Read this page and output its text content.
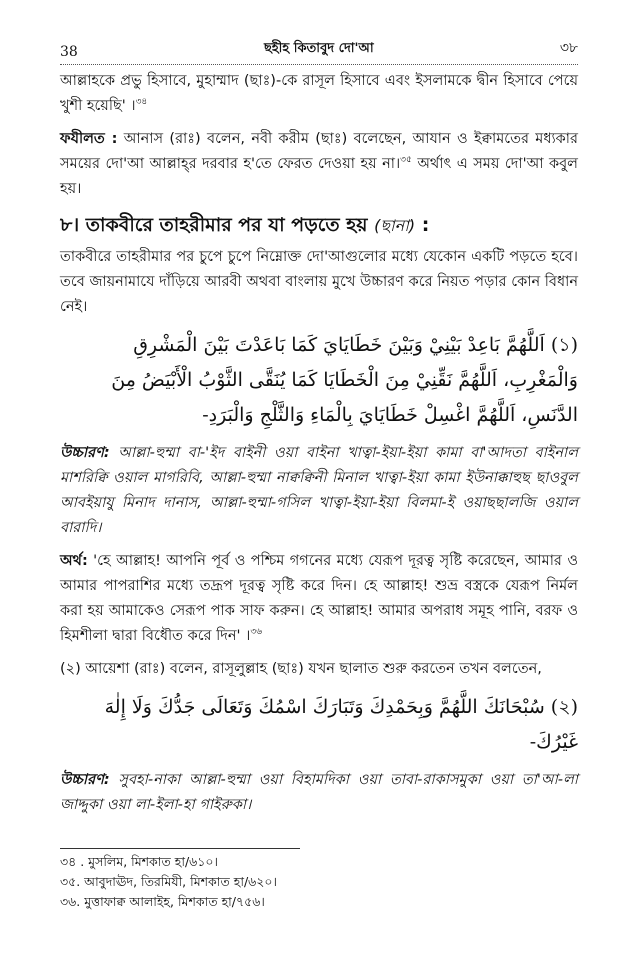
38	ছহীহ কিতাবুদ দো'আ	৩৮

আল্লাহকে প্রভু হিসাবে, মুহাম্মাদ (ছাঃ)-কে রাসূল হিসাবে এবং ইসলামকে দ্বীন হিসাবে পেয়ে খুশী হয়েছি' ।$^{৩৪}$

ফযীলত : আনাস (রাঃ) বলেন, নবী করীম (ছাঃ) বলেছেন, আযান ও ইক্বামতের মধ্যকার সময়ের দো'আ আল্লাহ্‌র দরবার হ'তে ফেরত দেওয়া হয় না।$^{৩৫}$ অর্থাৎ এ সময় দো'আ কবুল হয়।

৮। তাকবীরে তাহরীমার পর যা পড়তে হয় (ছানা) :

তাকবীরে তাহরীমার পর চুপে চুপে নিম্নোক্ত দো'আগুলোর মধ্যে যেকোন একটি পড়তে হবে। তবে জায়নামাযে দাঁড়িয়ে আরবী অথবা বাংলায় মুখে উচ্চারণ করে নিয়ত পড়ার কোন বিধান নেই।

(১) اَللَّهُمَّ بَاعِدْ بَيْنِيْ وَبَيْنَ خَطَايَايَ كَمَا بَاعَدْتَ بَيْنَ الْمَشْرِقِ وَالْمَغْرِبِ، اَللَّهُمَّ نَقِّنِيْ مِنَ الْخَطَايَا كَمَا يُنَقَّى الثَّوْبُ الْأَبْيَضُ مِنَ الدَّنَسِ، اَللَّهُمَّ اغْسِلْ خَطَايَايَ بِالْمَاءِ وَالثَّلْجِ وَالْبَرَدِ-

উচ্চারণ: আল্লা-হুম্মা বা-'ইদ বাইনী ওয়া বাইনা খাত্বা-ইয়া-ইয়া কামা বা'আদতা বাইনাল মাশরিক্বি ওয়াল মাগরিবি, আল্লা-হুম্মা নাক্বক্বিনী মিনাল খাত্বা-ইয়া কামা ইউনাক্কাহুছ ছাওবুল আবইয়াযু মিনাদ দানাস, আল্লা-হুম্মা-গসিল খাত্বা-ইয়া-ইয়া বিলমা-ই ওয়াছছালজি ওয়াল বারাদি।

অর্থ: 'হে আল্লাহ! আপনি পূর্ব ও পশ্চিম গগনের মধ্যে যেরূপ দূরত্ব সৃষ্টি করেছেন, আমার ও আমার পাপরাশির মধ্যে তদ্রূপ দূরত্ব সৃষ্টি করে দিন। হে আল্লাহ! শুভ্র বস্ত্রকে যেরূপ নির্মল করা হয় আমাকেও সেরূপ পাক সাফ করুন। হে আল্লাহ! আমার অপরাধ সমূহ পানি, বরফ ও হিমশীলা দ্বারা বিধৌত করে দিন' ।$^{৩৬}$

(২) আয়েশা (রাঃ) বলেন, রাসূলুল্লাহ (ছাঃ) যখন ছালাত শুরু করতেন তখন বলতেন,

(২) سُبْحَانَكَ اللَّهُمَّ وَبِحَمْدِكَ وَتَبَارَكَ اسْمُكَ وَتَعَالَى جَدُّكَ وَلَا إِلٰهَ غَيْرُكَ-

উচ্চারণ: সুবহা-নাকা আল্লা-হুম্মা ওয়া বিহামদিকা ওয়া তাবা-রাকাসমুকা ওয়া তা'আ-লা জাদ্দুকা ওয়া লা-ইলা-হা গাইরুকা।

৩৪ . মুসলিম, মিশকাত হা/৬১০।
৩৫. আবুদাঊদ, তিরমিযী, মিশকাত হা/৬২০।
৩৬. মুত্তাফাক্ব আলাইহ, মিশকাত হা/৭৫৬।
